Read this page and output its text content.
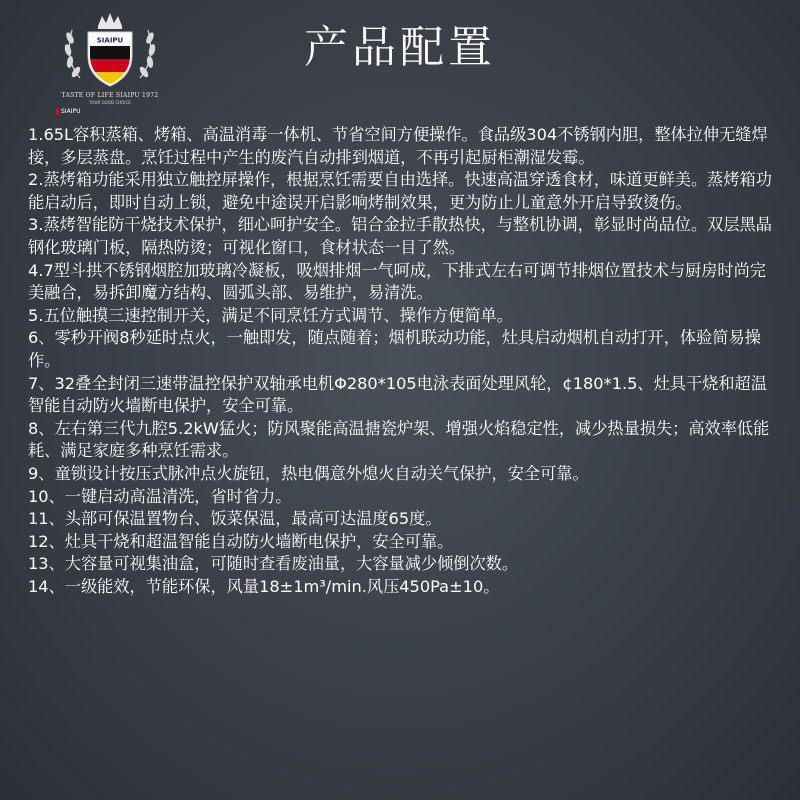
SIAIPU
TASTE OF LIFE SIAIPU 1972
YOUR GOOD CHOICE
SIAIPU
产品配置

1.65L容积蒸箱、烤箱、高温消毒一体机、节省空间方便操作。食品级304不锈钢内胆，整体拉伸无缝焊接，多层蒸盘。烹饪过程中产生的废汽自动排到烟道，不再引起厨柜潮湿发霉。

2.蒸烤箱功能采用独立触控屏操作，根据烹饪需要自由选择。快速高温穿透食材，味道更鲜美。蒸烤箱功能启动后，即时自动上锁，避免中途误开启影响烤制效果，更为防止儿童意外开启导致烫伤。

3.蒸烤智能防干烧技术保护，细心呵护安全。铝合金拉手散热快，与整机协调，彰显时尚品位。双层黑晶钢化玻璃门板，隔热防烫；可视化窗口，食材状态一目了然。

4.7型斗拱不锈钢烟腔加玻璃冷凝板，吸烟排烟一气呵成，下排式左右可调节排烟位置技术与厨房时尚完美融合，易拆卸魔方结构、圆弧头部、易维护，易清洗。

5.五位触摸三速控制开关，满足不同烹饪方式调节、操作方便简单。

6、零秒开阀8秒延时点火，一触即发，随点随着；烟机联动功能，灶具启动烟机自动打开，体验简易操作。

7、32叠全封闭三速带温控保护双轴承电机Φ280*105电泳表面处理风轮，¢180*1.5、灶具干烧和超温智能自动防火墙断电保护，安全可靠。

8、左右第三代九腔5.2kW猛火；防风聚能高温搪瓷炉架、增强火焰稳定性，减少热量损失；高效率低能耗、满足家庭多种烹饪需求。

9、童锁设计按压式脉冲点火旋钮，热电偶意外熄火自动关气保护，安全可靠。

10、一键启动高温清洗，省时省力。

11、头部可保温置物台、饭菜保温，最高可达温度65度。

12、灶具干烧和超温智能自动防火墙断电保护，安全可靠。

13、大容量可视集油盒，可随时查看废油量，大容量减少倾倒次数。

14、一级能效，节能环保，风量18±1m³/min.风压450Pa±10。
